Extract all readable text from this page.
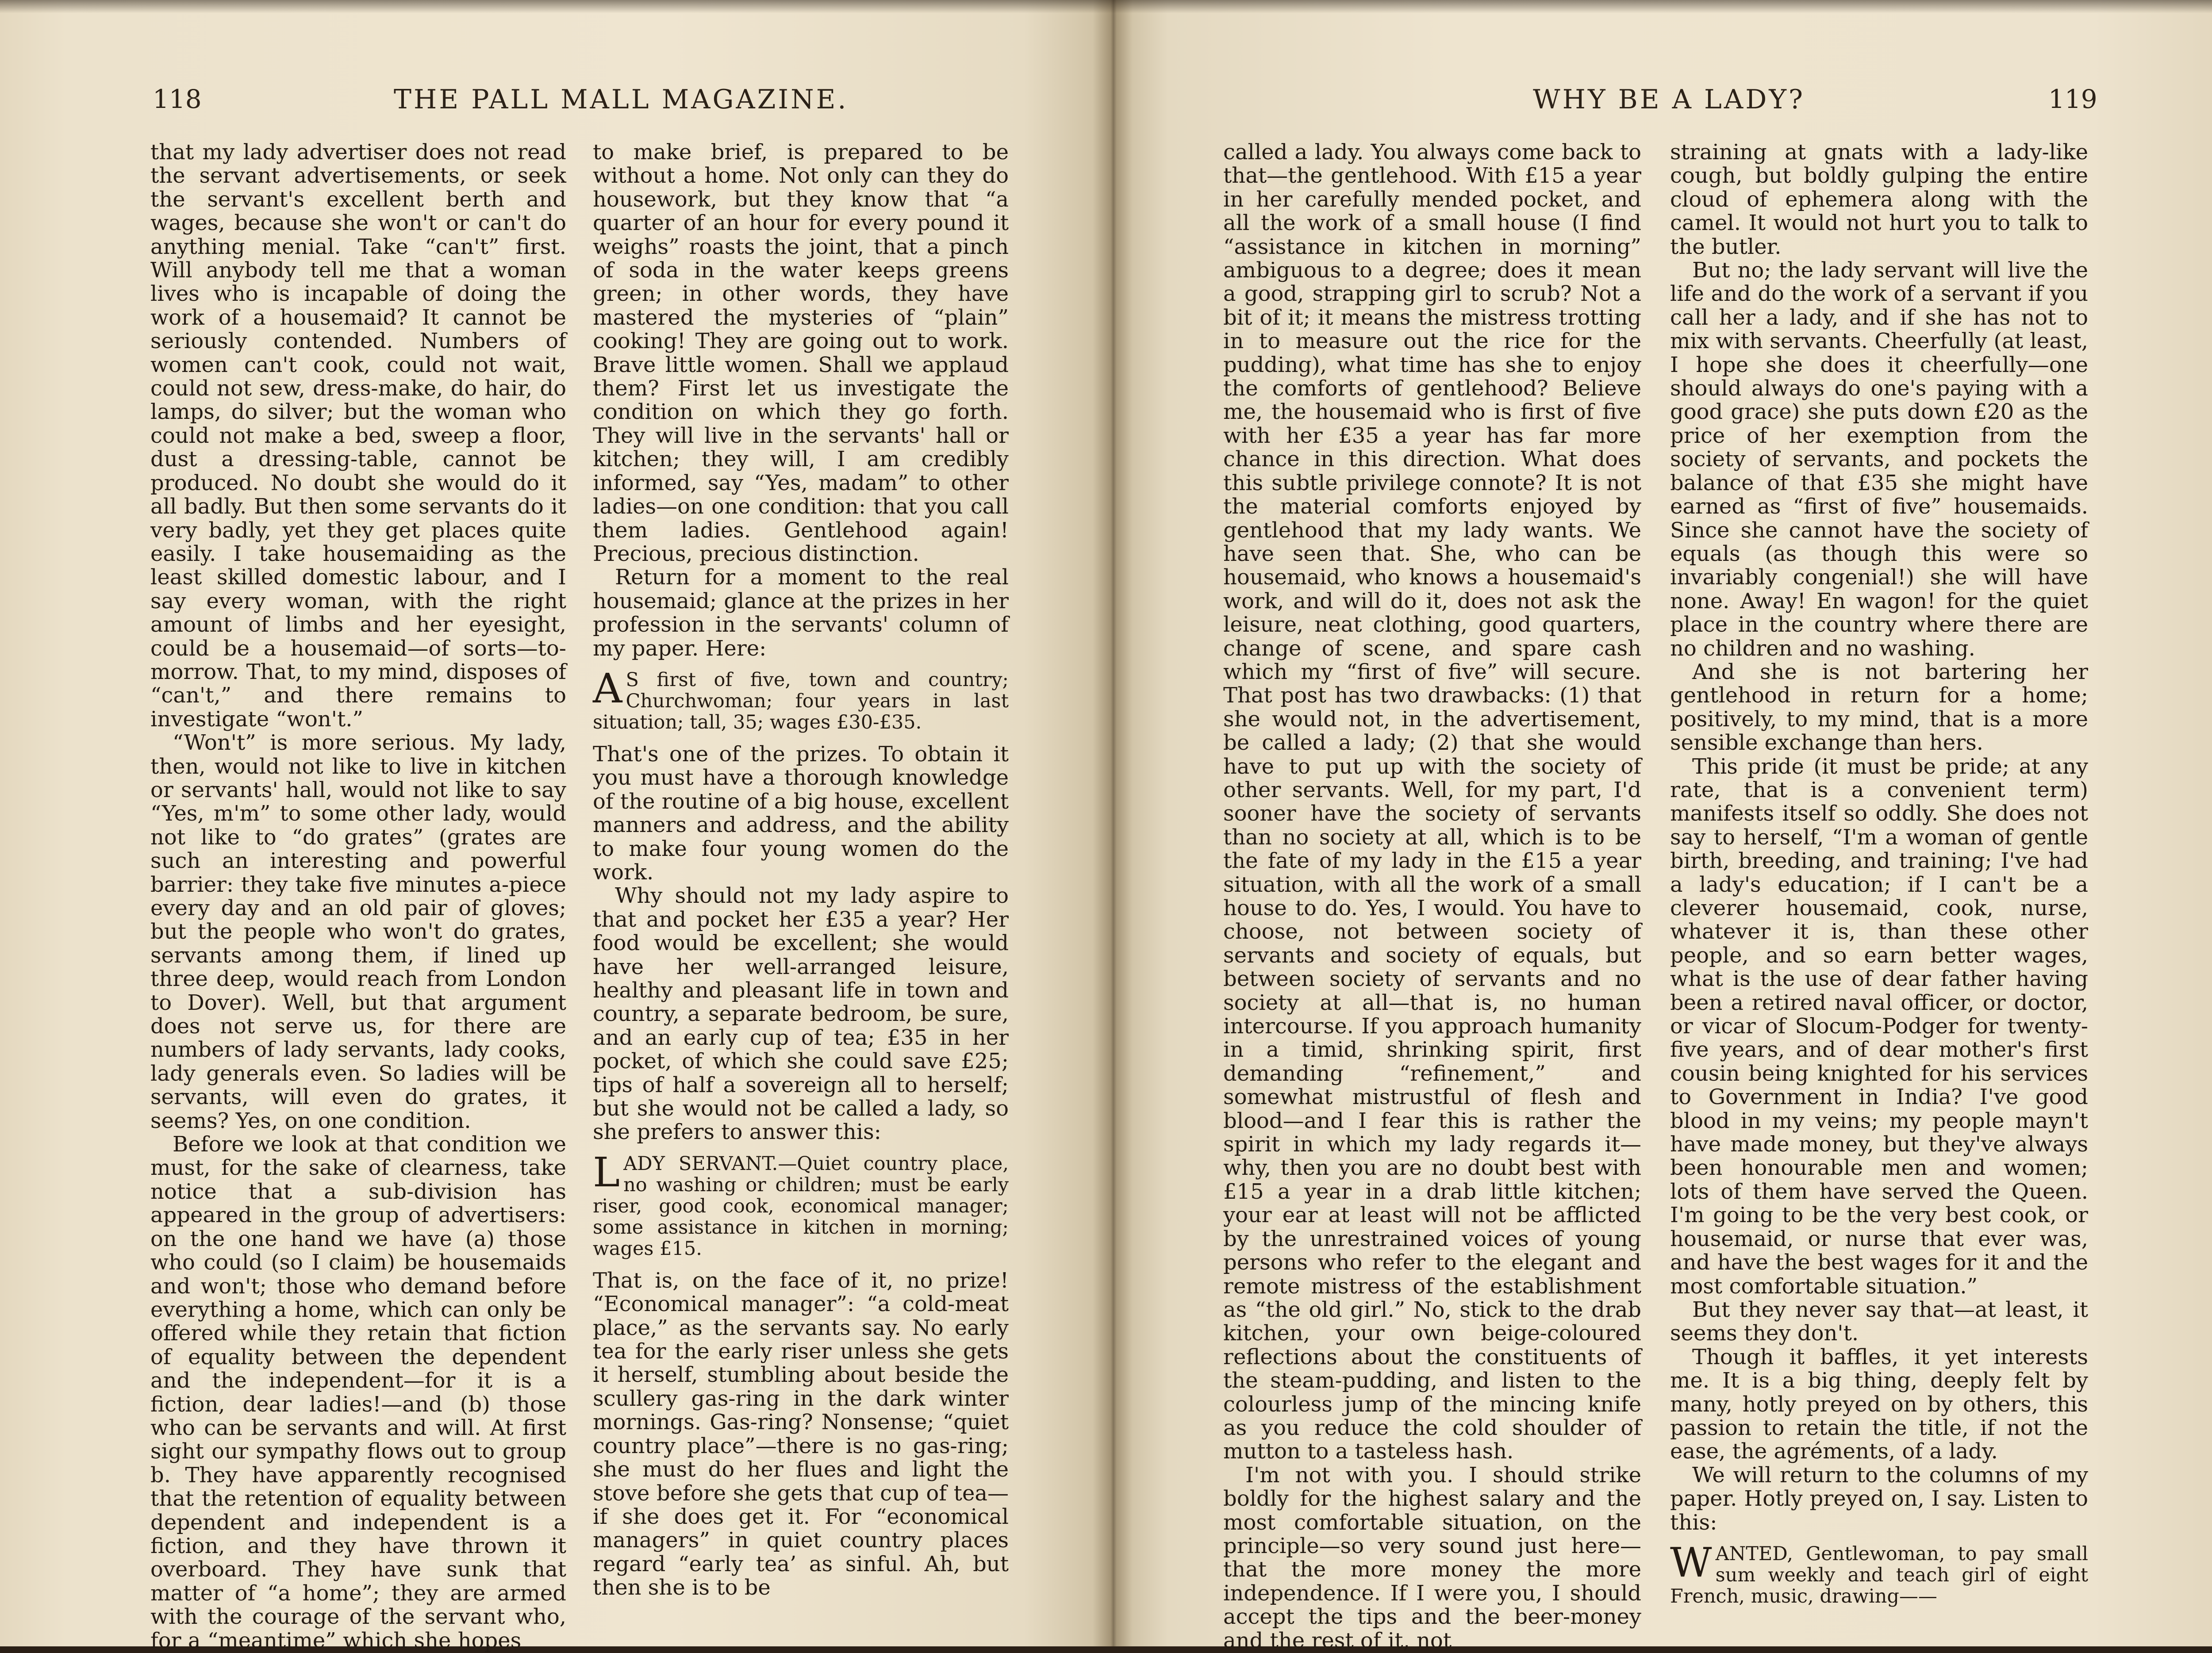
118	THE PALL MALL MAGAZINE.	WHY BE A LADY?	119

that my lady advertiser does not read the servant advertisements, or seek the servant's excellent berth and wages, because she won't or can't do anything menial. Take “can't” first. Will anybody tell me that a woman lives who is incapable of doing the work of a housemaid? It cannot be seriously contended. Numbers of women can't cook, could not wait, could not sew, dress-make, do hair, do lamps, do silver; but the woman who could not make a bed, sweep a floor, dust a dressing-table, cannot be produced. No doubt she would do it all badly. But then some servants do it very badly, yet they get places quite easily. I take housemaiding as the least skilled domestic labour, and I say every woman, with the right amount of limbs and her eyesight, could be a housemaid—of sorts—to-morrow. That, to my mind, disposes of “can't,” and there remains to investigate “won't.”

“Won't” is more serious. My lady, then, would not like to live in kitchen or servants' hall, would not like to say “Yes, m'm” to some other lady, would not like to “do grates” (grates are such an interesting and powerful barrier: they take five minutes a-piece every day and an old pair of gloves; but the people who won't do grates, servants among them, if lined up three deep, would reach from London to Dover). Well, but that argument does not serve us, for there are numbers of lady servants, lady cooks, lady generals even. So ladies will be servants, will even do grates, it seems? Yes, on one condition.

Before we look at that condition we must, for the sake of clearness, take notice that a sub-division has appeared in the group of advertisers: on the one hand we have (a) those who could (so I claim) be housemaids and won't; those who demand before everything a home, which can only be offered while they retain that fiction of equality between the dependent and the independent—for it is a fiction, dear ladies!—and (b) those who can be servants and will. At first sight our sympathy flows out to group b. They have apparently recognised that the retention of equality between dependent and independent is a fiction, and they have thrown it overboard. They have sunk that matter of “a home”; they are armed with the courage of the servant who, for a “meantime” which she hopes

to make brief, is prepared to be without a home. Not only can they do housework, but they know that “a quarter of an hour for every pound it weighs” roasts the joint, that a pinch of soda in the water keeps greens green; in other words, they have mastered the mysteries of “plain” cooking! They are going out to work. Brave little women. Shall we applaud them? First let us investigate the condition on which they go forth. They will live in the servants' hall or kitchen; they will, I am credibly informed, say “Yes, madam” to other ladies—on one condition: that you call them ladies. Gentlehood again! Precious, precious distinction.

Return for a moment to the real housemaid; glance at the prizes in her profession in the servants' column of my paper. Here:

A S first of five, town and country; Churchwoman; four years in last situation; tall, 35; wages £30-£35.

That's one of the prizes. To obtain it you must have a thorough knowledge of the routine of a big house, excellent manners and address, and the ability to make four young women do the work.

Why should not my lady aspire to that and pocket her £35 a year? Her food would be excellent; she would have her well-arranged leisure, healthy and pleasant life in town and country, a separate bedroom, be sure, and an early cup of tea; £35 in her pocket, of which she could save £25; tips of half a sovereign all to herself; but she would not be called a lady, so she prefers to answer this:

L ADY SERVANT.—Quiet country place, no washing or children; must be early riser, good cook, economical manager; some assistance in kitchen in morning; wages £15.

That is, on the face of it, no prize! “Economical manager”: “a cold-meat place,” as the servants say. No early tea for the early riser unless she gets it herself, stumbling about beside the scullery gas-ring in the dark winter mornings. Gas-ring? Nonsense; “quiet country place”—there is no gas-ring; she must do her flues and light the stove before she gets that cup of tea—if she does get it. For “economical managers” in quiet country places regard “early tea’ as sinful. Ah, but then she is to be

called a lady. You always come back to that—the gentlehood. With £15 a year in her carefully mended pocket, and all the work of a small house (I find “assistance in kitchen in morning” ambiguous to a degree; does it mean a good, strapping girl to scrub? Not a bit of it; it means the mistress trotting in to measure out the rice for the pudding), what time has she to enjoy the comforts of gentlehood? Believe me, the housemaid who is first of five with her £35 a year has far more chance in this direction. What does this subtle privilege connote? It is not the material comforts enjoyed by gentlehood that my lady wants. We have seen that. She, who can be housemaid, who knows a housemaid's work, and will do it, does not ask the leisure, neat clothing, good quarters, change of scene, and spare cash which my “first of five” will secure. That post has two drawbacks: (1) that she would not, in the advertisement, be called a lady; (2) that she would have to put up with the society of other servants. Well, for my part, I'd sooner have the society of servants than no society at all, which is to be the fate of my lady in the £15 a year situation, with all the work of a small house to do. Yes, I would. You have to choose, not between society of servants and society of equals, but between society of servants and no society at all—that is, no human intercourse. If you approach humanity in a timid, shrinking spirit, first demanding “refinement,” and somewhat mistrustful of flesh and blood—and I fear this is rather the spirit in which my lady regards it—why, then you are no doubt best with £15 a year in a drab little kitchen; your ear at least will not be afflicted by the unrestrained voices of young persons who refer to the elegant and remote mistress of the establishment as “the old girl.” No, stick to the drab kitchen, your own beige-coloured reflections about the constituents of the steam-pudding, and listen to the colourless jump of the mincing knife as you reduce the cold shoulder of mutton to a tasteless hash.

I'm not with you. I should strike boldly for the highest salary and the most comfortable situation, on the principle—so very sound just here—that the more money the more independence. If I were you, I should accept the tips and the beer-money and the rest of it, not

straining at gnats with a lady-like cough, but boldly gulping the entire cloud of ephemera along with the camel. It would not hurt you to talk to the butler.

But no; the lady servant will live the life and do the work of a servant if you call her a lady, and if she has not to mix with servants. Cheerfully (at least, I hope she does it cheerfully—one should always do one's paying with a good grace) she puts down £20 as the price of her exemption from the society of servants, and pockets the balance of that £35 she might have earned as “first of five” housemaids. Since she cannot have the society of equals (as though this were so invariably congenial!) she will have none. Away! En wagon! for the quiet place in the country where there are no children and no washing.

And she is not bartering her gentlehood in return for a home; positively, to my mind, that is a more sensible exchange than hers.

This pride (it must be pride; at any rate, that is a convenient term) manifests itself so oddly. She does not say to herself, “I'm a woman of gentle birth, breeding, and training; I've had a lady's education; if I can't be a cleverer housemaid, cook, nurse, whatever it is, than these other people, and so earn better wages, what is the use of dear father having been a retired naval officer, or doctor, or vicar of Slocum-Podger for twenty-five years, and of dear mother's first cousin being knighted for his services to Government in India? I've good blood in my veins; my people mayn't have made money, but they've always been honourable men and women; lots of them have served the Queen. I'm going to be the very best cook, or housemaid, or nurse that ever was, and have the best wages for it and the most comfortable situation.”

But they never say that—at least, it seems they don't.

Though it baffles, it yet interests me. It is a big thing, deeply felt by many, hotly preyed on by others, this passion to retain the title, if not the ease, the agréments, of a lady.

We will return to the columns of my paper. Hotly preyed on, I say. Listen to this:

W ANTED, Gentlewoman, to pay small sum weekly and teach girl of eight French, music, drawing——
